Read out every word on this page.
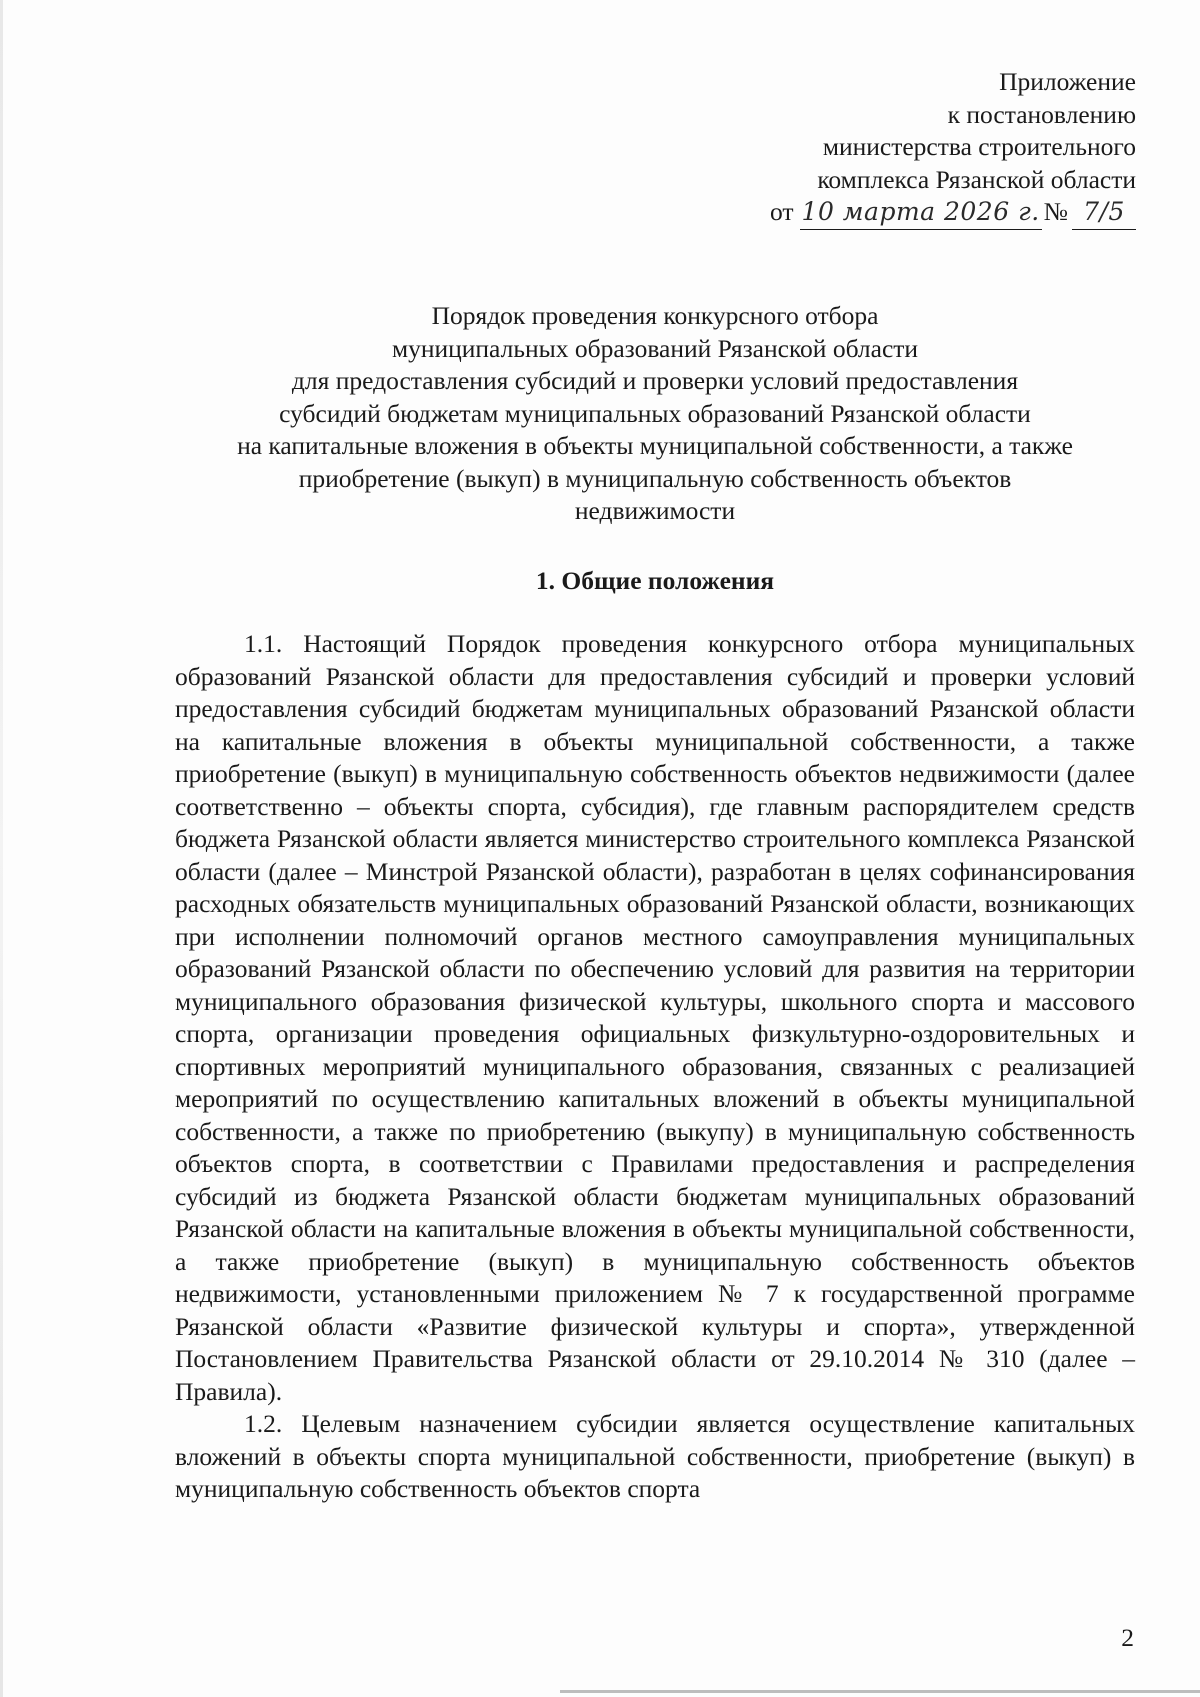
Приложение
к постановлению
министерства строительного
комплекса Рязанской области
от 10 марта 2026 г. № 7/5
Порядок проведения конкурсного отбора
муниципальных образований Рязанской области
для предоставления субсидий и проверки условий предоставления
субсидий бюджетам муниципальных образований Рязанской области
на капитальные вложения в объекты муниципальной собственности, а также
приобретение (выкуп) в муниципальную собственность объектов
недвижимости
1. Общие положения

1.1. Настоящий Порядок проведения конкурсного отбора муниципальных образований Рязанской области для предоставления субсидий и проверки условий предоставления субсидий бюджетам муниципальных образований Рязанской области на капитальные вложения в объекты муниципальной собственности, а также приобретение (выкуп) в муниципальную собственность объектов недвижимости (далее соответственно – объекты спорта, субсидия), где главным распорядителем средств бюджета Рязанской области является министерство строительного комплекса Рязанской области (далее – Минстрой Рязанской области), разработан в целях софинансирования расходных обязательств муниципальных образований Рязанской области, возникающих при исполнении полномочий органов местного самоуправления муниципальных образований Рязанской области по обеспечению условий для развития на территории муниципального образования физической культуры, школьного спорта и массового спорта, организации проведения официальных физкультурно-оздоровительных и спортивных мероприятий муниципального образования, связанных с реализацией мероприятий по осуществлению капитальных вложений в объекты муниципальной собственности, а также по приобретению (выкупу) в муниципальную собственность объектов спорта, в соответствии с Правилами предоставления и распределения субсидий из бюджета Рязанской области бюджетам муниципальных образований Рязанской области на капитальные вложения в объекты муниципальной собственности, а также приобретение (выкуп) в муниципальную собственность объектов недвижимости, установленными приложением № 7 к государственной программе Рязанской области «Развитие физической культуры и спорта», утвержденной Постановлением Правительства Рязанской области от 29.10.2014 № 310 (далее – Правила).

1.2. Целевым назначением субсидии является осуществление капитальных вложений в объекты спорта муниципальной собственности, приобретение (выкуп) в муниципальную собственность объектов спорта

2
